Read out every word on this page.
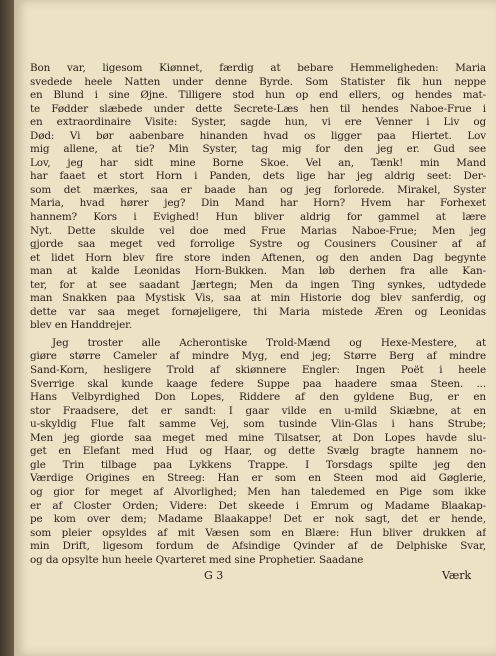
Bon var, ligesom Kiønnet, færdig at bebare Hemmeligheden: Maria
svedede heele Natten under denne Byrde. Som Statister fik hun neppe
en Blund i sine Øjne. Tilligere stod hun op end ellers, og hendes mat-
te Fødder slæbede under dette Secrete-Læs hen til hendes Naboe-Frue i
en extraordinaire Visite: Syster, sagde hun, vi ere Venner i Liv og
Død: Vi bør aabenbare hinanden hvad os ligger paa Hiertet. Lov
mig allene, at tie? Min Syster, tag mig for den jeg er. Gud see
Lov, jeg har sidt mine Borne Skoe. Vel an, Tænk! min Mand
har faaet et stort Horn i Panden, dets lige har jeg aldrig seet: Der-
som det mærkes, saa er baade han og jeg forlorede. Mirakel, Syster
Maria, hvad hører jeg? Din Mand har Horn? Hvem har Forhexet
hannem? Kors i Evighed! Hun bliver aldrig for gammel at lære
Nyt. Dette skulde vel doe med Frue Marias Naboe-Frue; Men jeg
gjorde saa meget ved forrolige Systre og Cousiners Cousiner af af
et lidet Horn blev fire store inden Aftenen, og den anden Dag begynte
man at kalde Leonidas Horn-Bukken. Man løb derhen fra alle Kan-
ter, for at see saadant Jærtegn; Men da ingen Ting synkes, udtydede
man Snakken paa Mystisk Vis, saa at min Historie dog blev sanferdig, og
dette var saa meget fornøjeligere, thi Maria mistede Æren og Leonidas
blev en Handdrejer.
Jeg troster alle Acherontiske Trold-Mænd og Hexe-Mestere, at
giøre større Cameler af mindre Myg, end jeg; Større Berg af mindre
Sand-Korn, hesligere Trold af skiønnere Engler: Ingen Poët i heele
Sverrige skal kunde kaage federe Suppe paa haadere smaa Steen. ...
Hans Velbyrdighed Don Lopes, Riddere af den gyldene Bug, er en
stor Fraadsere, det er sandt: I gaar vilde en u-mild Skiæbne, at en
u-skyldig Flue falt samme Vej, som tusinde Viin-Glas i hans Strube;
Men jeg giorde saa meget med mine Tilsatser, at Don Lopes havde slu-
get en Elefant med Hud og Haar, og dette Svælg bragte hannem no-
gle Trin tilbage paa Lykkens Trappe. I Torsdags spilte jeg den
Værdige Origines en Streeg: Han er som en Steen mod aid Gøglerie,
og gior for meget af Alvorlighed; Men han taledemed en Pige som ikke
er af Closter Orden; Videre: Det skeede i Emrum og Madame Blaakap-
pe kom over dem; Madame Blaakappe! Det er nok sagt, det er hende,
som pleier opsyldes af mit Væsen som en Blære: Hun bliver drukken af
min Drift, ligesom fordum de Afsindige Qvinder af de Delphiske Svar,
og da opsylte hun heele Qvarteret med sine Prophetier. Saadane
G 3	Værk
